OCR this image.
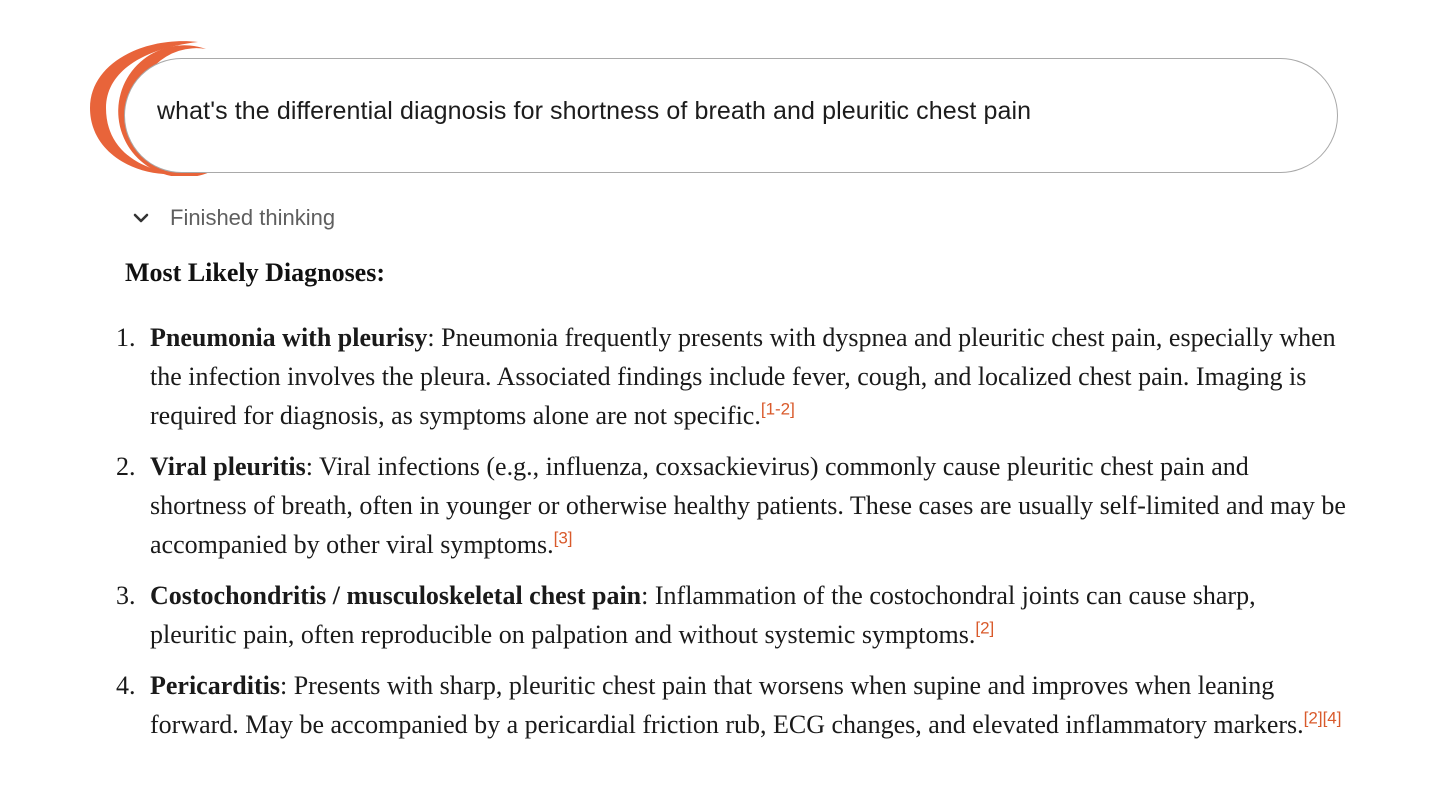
what's the differential diagnosis for shortness of breath and pleuritic chest pain
Finished thinking
Most Likely Diagnoses:
1. Pneumonia with pleurisy: Pneumonia frequently presents with dyspnea and pleuritic chest pain, especially when the infection involves the pleura. Associated findings include fever, cough, and localized chest pain. Imaging is required for diagnosis, as symptoms alone are not specific.[1-2]
2. Viral pleuritis: Viral infections (e.g., influenza, coxsackievirus) commonly cause pleuritic chest pain and shortness of breath, often in younger or otherwise healthy patients. These cases are usually self-limited and may be accompanied by other viral symptoms.[3]
3. Costochondritis / musculoskeletal chest pain: Inflammation of the costochondral joints can cause sharp, pleuritic pain, often reproducible on palpation and without systemic symptoms.[2]
4. Pericarditis: Presents with sharp, pleuritic chest pain that worsens when supine and improves when leaning forward. May be accompanied by a pericardial friction rub, ECG changes, and elevated inflammatory markers.[2][4]
